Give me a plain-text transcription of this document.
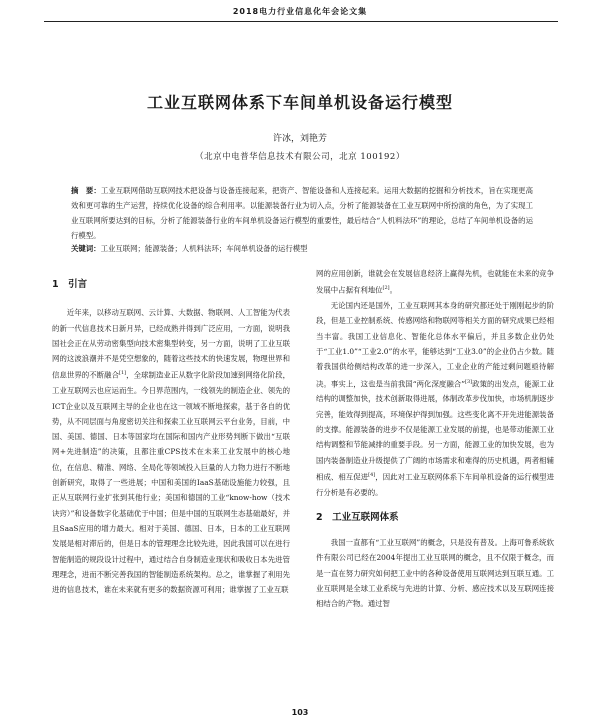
2018电力行业信息化年会论文集
工业互联网体系下车间单机设备运行模型
许冰，刘艳芳
（北京中电普华信息技术有限公司，北京 100192）
摘　要：工业互联网借助互联网技术把设备与设备连接起来，把资产、智能设备和人连接起来。运用大数据的挖掘和分析技术，旨在实现更高效和更可靠的生产运营，持续优化设备的综合利用率。以能源装备行业为切入点，分析了能源装备在工业互联网中所扮演的角色，为了实现工业互联网所要达到的目标，分析了能源装备行业的车间单机设备运行模型的重要性，最后结合“人机料法环”的理论，总结了车间单机设备的运行模型。
关键词：工业互联网；能源装备；人机料法环；车间单机设备的运行模型
1　引言

近年来，以移动互联网、云计算、大数据、物联网、人工智能为代表的新一代信息技术日新月异，已经成熟并得到广泛应用，一方面，说明我国社会正在从劳动密集型向技术密集型转变，另一方面，说明了工业互联网的这波浪潮并不是凭空想象的，随着这些技术的快速发展，物理世界和信息世界的不断融合[1]，全球制造业正从数字化阶段加速到网络化阶段，工业互联网云也应运而生。今日界范围内，一线领先的制造企业、领先的ICT企业以及互联网主导的企业也在这一领域不断地探索，基于各自的优势，从不同层面与角度密切关注和探索工业互联网云平台业务，目前，中国、美国、德国、日本等国家均在国际和国内产业形势判断下做出“互联网+先进制造”的决策，且都注重CPS技术在未来工业发展中的核心地位，在信息、精准、网络、全局化等领域投入巨量的人力物力进行不断地创新研究，取得了一些进展；中国和美国的IaaS基础设施能力较强，且正从互联网行业扩张到其他行业；美国和德国的工业“know-how（技术诀窍）”和设备数字化基础优于中国；但是中国的互联网生态基础最好，并且SaaS应用的增力最大。相对于美国、德国、日本，日本的工业互联网发展是相对滞后的，但是日本的管理理念比较先进，因此我国可以在进行智能制造的规段设计过程中，通过结合自身制造业现状和吸收日本先进管理理念，进而不断完善我国的智能制造系统架构。总之，谁掌握了利用先进的信息技术，谁在未来就有更多的数据资源可利用；谁掌握了工业互联

网的应用创新，谁就会在发展信息经济上赢得先机，也就能在未来的竞争发展中占据有利地位[2]。

无论国内还是国外，工业互联网其本身的研究都还处于刚刚起步的阶段，但是工业控制系统、传感网络和物联网等相关方面的研究成果已经相当丰富。我国工业信息化、智能化总体水平偏后，并且多数企业仍处于“工业1.0”“工业2.0”的水平，能够达到“工业3.0”的企业仍占少数。随着我国供给侧结构改革的进一步深入，工业企业的产能过剩问题亟待解决。事实上，这也是当前我国“两化深度融合”[3]政策的出发点，能源工业结构的调整加快，技术创新取得进展，体制改革步伐加快，市场机制逐步完善，能效得到提高，环境保护得到加强。这些变化离不开先进能源装备的支撑。能源装备的进步不仅是能源工业发展的前提，也是带动能源工业结构调整和节能减排的重要手段。另一方面，能源工业的加快发展，也为国内装备制造业升级提供了广阔的市场需求和难得的历史机遇，两者相辅相成、相互促进[4]，因此对工业互联网体系下车间单机设备的运行模型进行分析是有必要的。

2　工业互联网体系

我国一直都有“工业互联网”的概念，只是没有普及。上海可鲁系统软件有限公司已经在2004年提出工业互联网的概念，且不仅限于概念，而是一直在努力研究如何把工业中的各种设备使用互联网达到互联互通。工业互联网是全球工业系统与先进的计算、分析、感应技术以及互联网连接相结合的产物。通过智

103
